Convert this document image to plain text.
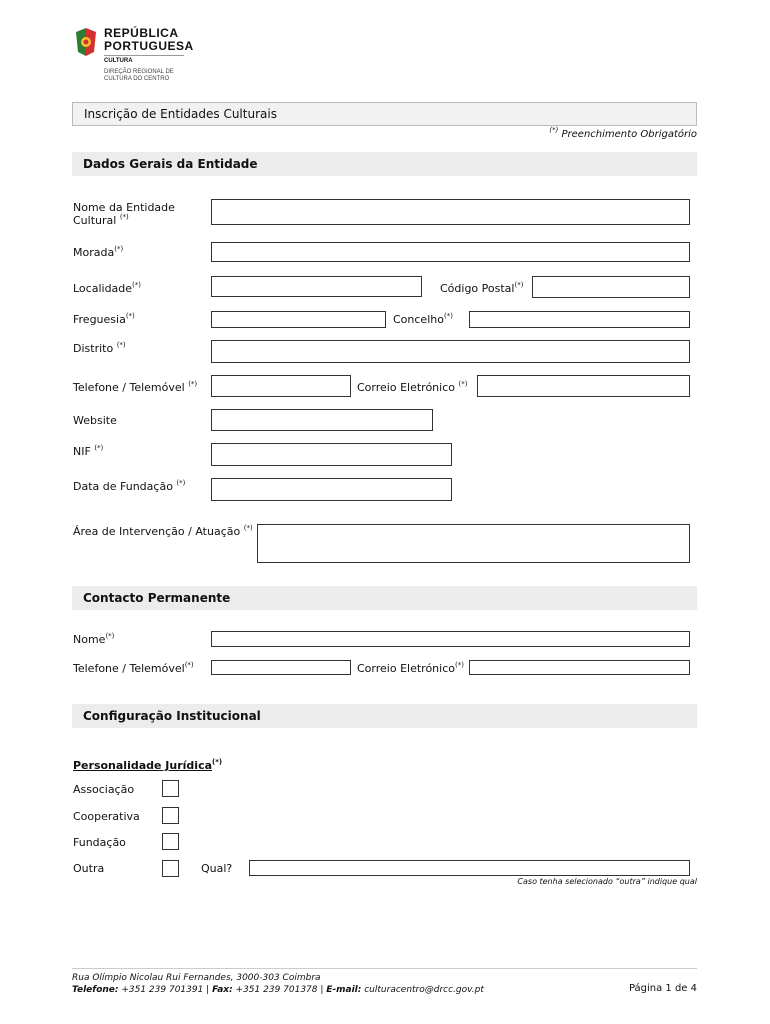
REPÚBLICA
PORTUGUESA
CULTURA
DIREÇÃO REGIONAL DE
CULTURA DO CENTRO
Inscrição de Entidades Culturais
(*) Preenchimento Obrigatório
Dados Gerais da Entidade
Nome da Entidade
Cultural (*)
Morada(*)
Localidade(*)	Código Postal(*)
Freguesia(*)	Concelho(*)
Distrito (*)
Telefone / Telemóvel (*)	Correio Eletrónico (*)
Website
NIF (*)
Data de Fundação (*)
Área de Intervenção / Atuação (*)
Contacto Permanente
Nome(*)
Telefone / Telemóvel(*)	Correio Eletrónico(*)
Configuração Institucional
Personalidade Jurídica(*)
Associação
Cooperativa
Fundação
Outra	Qual?
Caso tenha selecionado “outra” indique qual
Rua Olímpio Nicolau Rui Fernandes, 3000-303 Coimbra
Telefone: +351 239 701391 | Fax: +351 239 701378 | E-mail: culturacentro@drcc.gov.pt	Página 1 de 4
